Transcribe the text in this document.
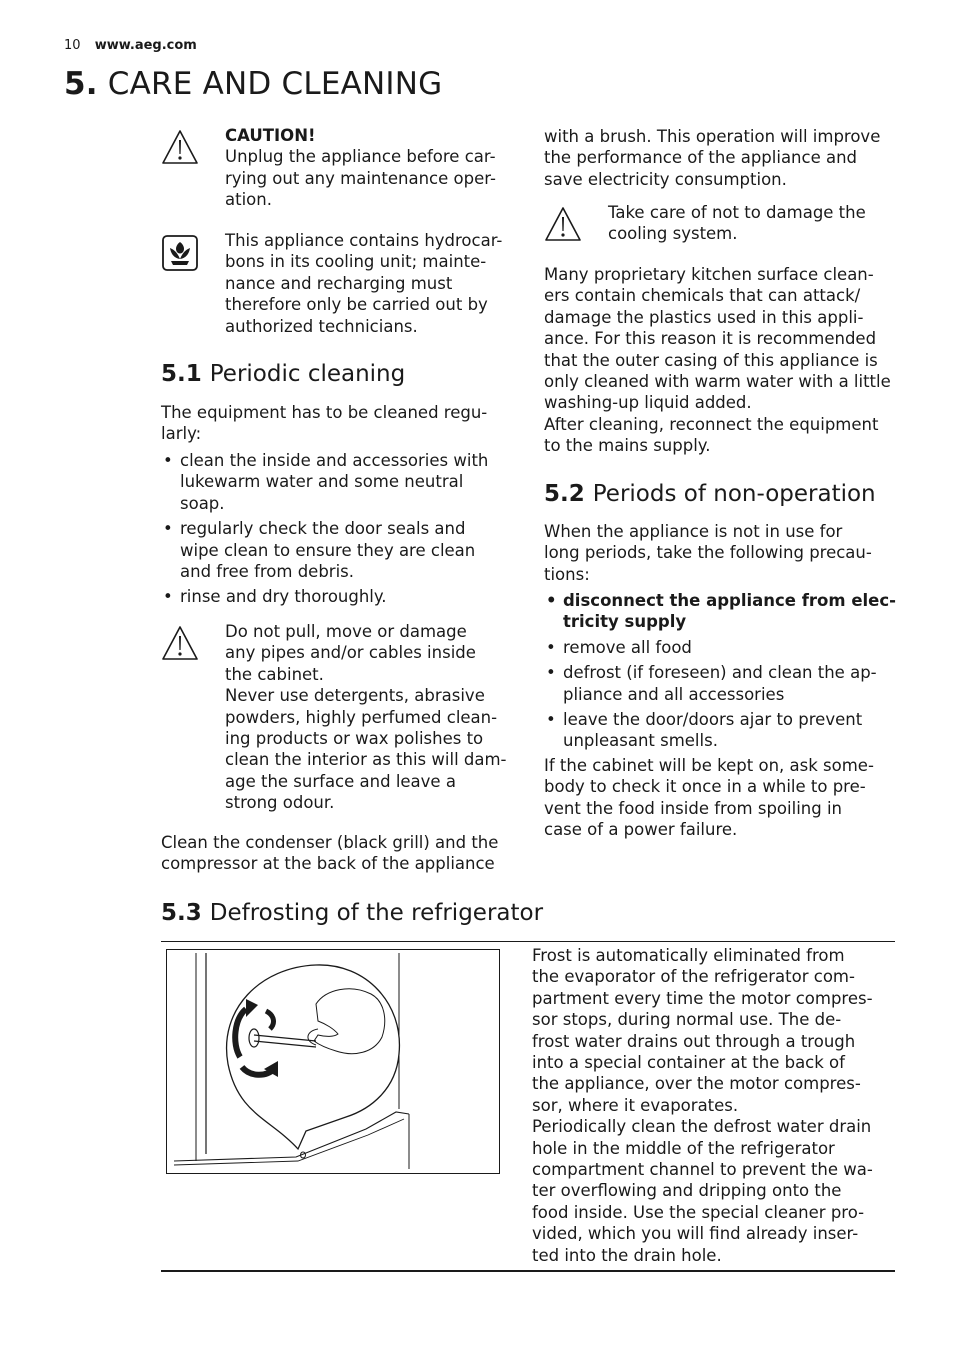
10 www.aeg.com
5. CARE AND CLEANING

CAUTION!

Unplug the appliance before car-

rying out any maintenance oper-

ation.

This appliance contains hydrocar-

bons in its cooling unit; mainte-

nance and recharging must

therefore only be carried out by

authorized technicians.

5.1 Periodic cleaning

The equipment has to be cleaned regu-

larly:

• clean the inside and accessories with

lukewarm water and some neutral

soap.

• regularly check the door seals and

wipe clean to ensure they are clean

and free from debris.

• rinse and dry thoroughly.

Do not pull, move or damage

any pipes and/or cables inside

the cabinet.

Never use detergents, abrasive

powders, highly perfumed clean-

ing products or wax polishes to

clean the interior as this will dam-

age the surface and leave a

strong odour.

Clean the condenser (black grill) and the

compressor at the back of the appliance

with a brush. This operation will improve

the performance of the appliance and

save electricity consumption.

Take care of not to damage the

cooling system.

Many proprietary kitchen surface clean-

ers contain chemicals that can attack/

damage the plastics used in this appli-

ance. For this reason it is recommended

that the outer casing of this appliance is

only cleaned with warm water with a little

washing-up liquid added.

After cleaning, reconnect the equipment

to the mains supply.

5.2 Periods of non-operation

When the appliance is not in use for

long periods, take the following precau-

tions:

• disconnect the appliance from elec-

tricity supply

• remove all food

• defrost (if foreseen) and clean the ap-

pliance and all accessories

• leave the door/doors ajar to prevent

unpleasant smells.

If the cabinet will be kept on, ask some-

body to check it once in a while to pre-

vent the food inside from spoiling in

case of a power failure.

5.3 Defrosting of the refrigerator

Frost is automatically eliminated from

the evaporator of the refrigerator com-

partment every time the motor compres-

sor stops, during normal use. The de-

frost water drains out through a trough

into a special container at the back of

the appliance, over the motor compres-

sor, where it evaporates.

Periodically clean the defrost water drain

hole in the middle of the refrigerator

compartment channel to prevent the wa-

ter overflowing and dripping onto the

food inside. Use the special cleaner pro-

vided, which you will find already inser-

ted into the drain hole.
